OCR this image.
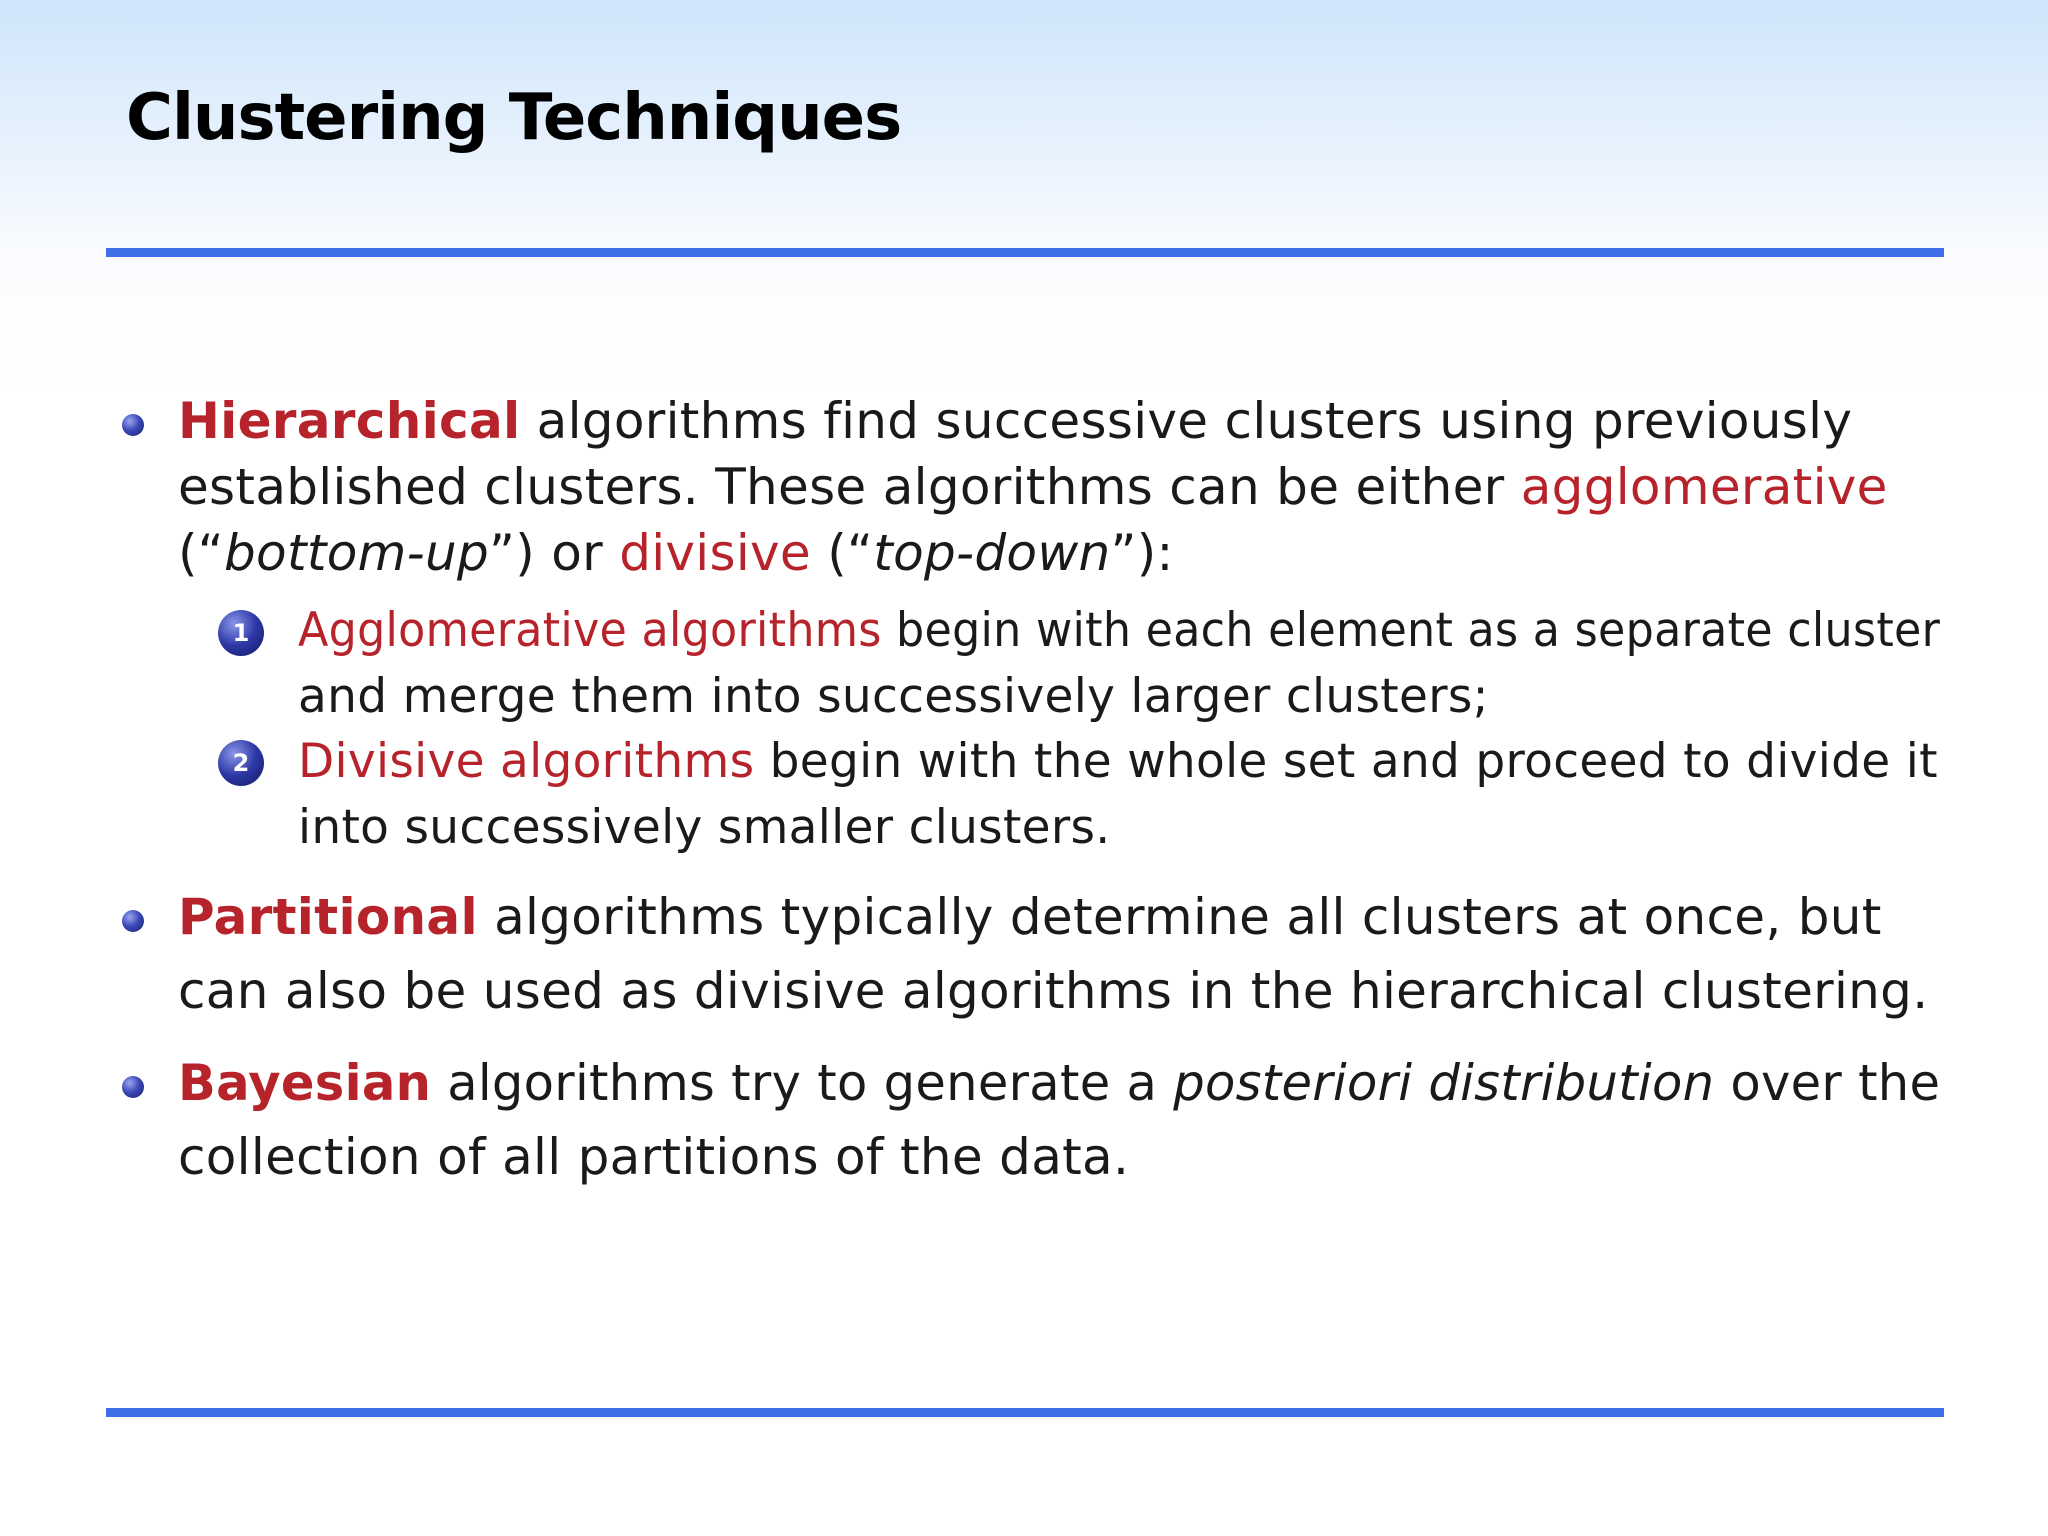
Clustering Techniques
Hierarchical algorithms find successive clusters using previously
established clusters. These algorithms can be either agglomerative
(“bottom-up”) or divisive (“top-down”):
1	Agglomerative algorithms begin with each element as a separate cluster
and merge them into successively larger clusters;
2	Divisive algorithms begin with the whole set and proceed to divide it
into successively smaller clusters.
Partitional algorithms typically determine all clusters at once, but
can also be used as divisive algorithms in the hierarchical clustering.
Bayesian algorithms try to generate a posteriori distribution over the
collection of all partitions of the data.
